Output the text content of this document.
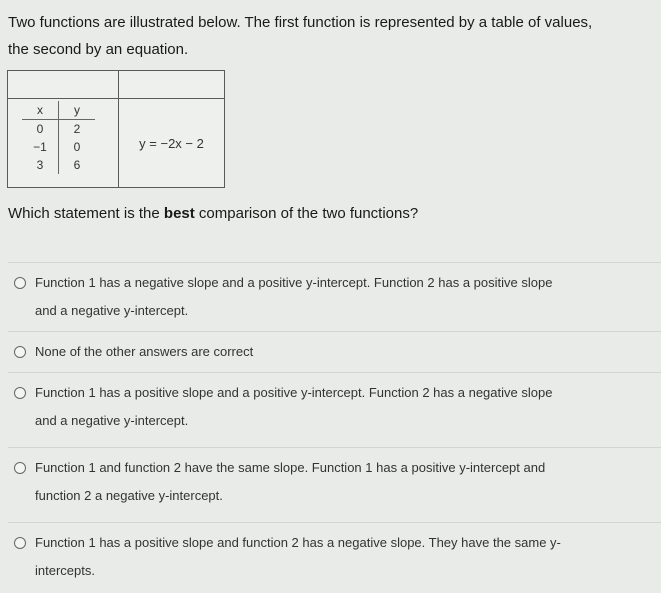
Two functions are illustrated below. The first function is represented by a table of values,
the second by an equation.

x	y
0	2
−1	0
3	6
	y = −2x − 2
Which statement is the best comparison of the two functions?
Function 1 has a negative slope and a positive y-intercept. Function 2 has a positive slope
and a negative y-intercept.
None of the other answers are correct
Function 1 has a positive slope and a positive y-intercept. Function 2 has a negative slope
and a negative y-intercept.
Function 1 and function 2 have the same slope. Function 1 has a positive y-intercept and
function 2 a negative y-intercept.
Function 1 has a positive slope and function 2 has a negative slope. They have the same y-
intercepts.
